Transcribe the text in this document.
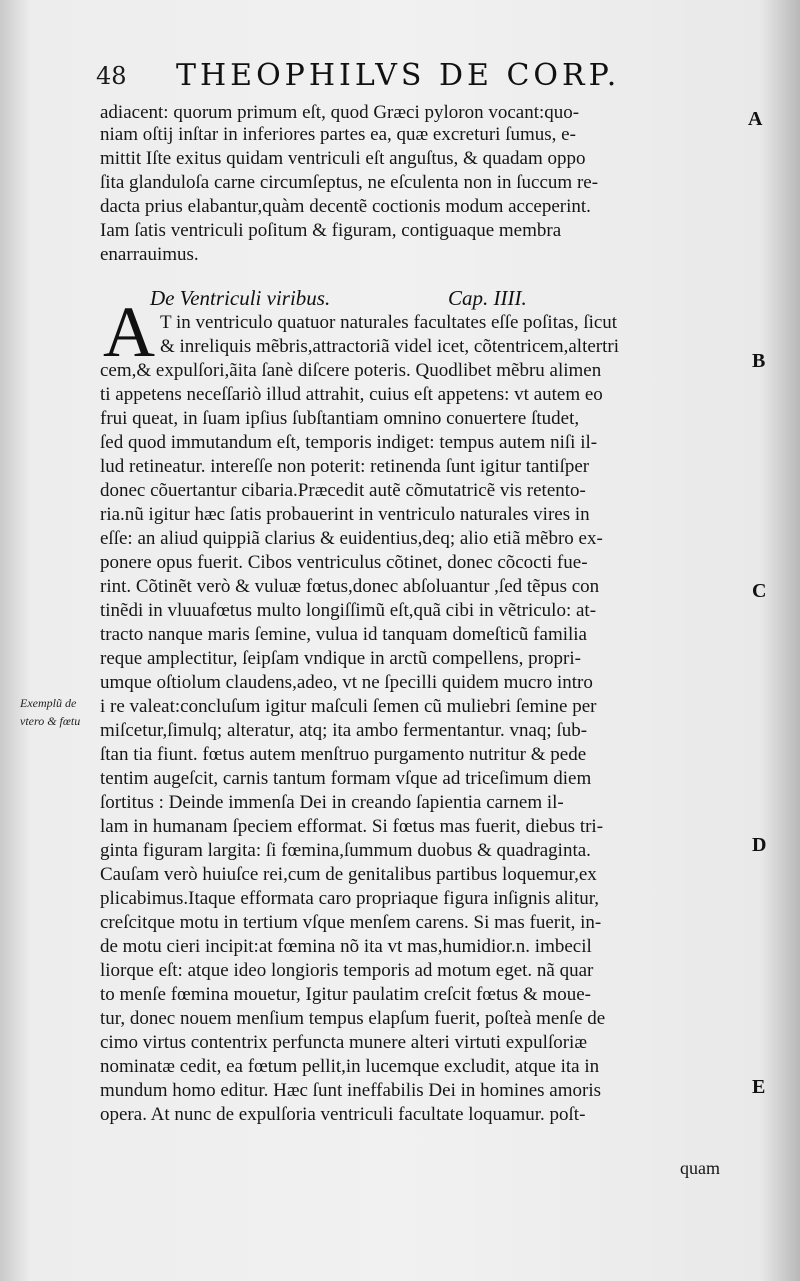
48 THEOPHILVS DE CORP.
adiacent: quorum primum eſt, quod Græci pyloron vocant:quo-
niam oſtij inſtar in inferiores partes ea, quæ excreturi ſumus, e-
mittit Iſte exitus quidam ventriculi eſt anguſtus, & quadam oppo
ſita glanduloſa carne circumſeptus, ne eſculenta non in ſuccum re-
dacta prius elabantur,quàm decentẽ coctionis modum acceperint.
Iam ſatis ventriculi poſitum & figuram, contiguaque membra
enarrauimus.
De Ventriculi viribus.	Cap. IIII.
A T in ventriculo quatuor naturales facultates eſſe poſitas, ſicut
& inreliquis mẽbris,attractoriã videl icet, cõtentricem,altertri
cem,& expulſori,ãita ſanè diſcere poteris. Quodlibet mẽbru alimen
ti appetens neceſſariò illud attrahit, cuius eſt appetens: vt autem eo
frui queat, in ſuam ipſius ſubſtantiam omnino conuertere ſtudet,
ſed quod immutandum eſt, temporis indiget: tempus autem niſi il-
lud retineatur. intereſſe non poterit: retinenda ſunt igitur tantiſper
donec cõuertantur cibaria.Præcedit autẽ cõmutatricẽ vis retento-
ria.nũ igitur hæc ſatis probauerint in ventriculo naturales vires in
eſſe: an aliud quippiã clarius & euidentius,deq; alio etiã mẽbro ex-
ponere opus fuerit. Cibos ventriculus cõtinet, donec cõcocti fue-
rint. Cõtinẽt verò & vuluæ fœtus,donec abſoluantur ,ſed tẽpus con
tinẽdi in vluuafœtus multo longiſſimũ eſt,quã cibi in vẽtriculo: at-
tracto nanque maris ſemine, vulua id tanquam domeſticũ familia
reque amplectitur, ſeipſam vndique in arctũ compellens, propri-
umque oſtiolum claudens,adeo, vt ne ſpecilli quidem mucro intro
i re valeat:concluſum igitur maſculi ſemen cũ muliebri ſemine per
miſcetur,ſimulq; alteratur, atq; ita ambo fermentantur. vnaq; ſub-
ſtan tia fiunt. fœtus autem menſtruo purgamento nutritur & pede
tentim augeſcit, carnis tantum formam vſque ad triceſimum diem
ſortitus : Deinde immenſa Dei in creando ſapientia carnem il-
lam in humanam ſpeciem efformat. Si fœtus mas fuerit, diebus tri-
ginta figuram largita: ſi fœmina,ſummum duobus & quadraginta.
Cauſam verò huiuſce rei,cum de genitalibus partibus loquemur,ex
plicabimus.Itaque efformata caro propriaque figura inſignis alitur,
creſcitque motu in tertium vſque menſem carens. Si mas fuerit, in-
de motu cieri incipit:at fœmina nõ ita vt mas,humidior.n. imbecil
liorque eſt: atque ideo longioris temporis ad motum eget. nã quar
to menſe fœmina mouetur, Igitur paulatim creſcit fœtus & moue-
tur, donec nouem menſium tempus elapſum fuerit, poſteà menſe de
cimo virtus contentrix perfuncta munere alteri virtuti expulſoriæ
nominatæ cedit, ea fœtum pellit,in lucemque excludit, atque ita in
mundum homo editur. Hæc ſunt ineffabilis Dei in homines amoris
opera. At nunc de expulſoria ventriculi facultate loquamur. poſt-
quam
A
B
C
D
E
Exemplũ de
vtero & fœtu
